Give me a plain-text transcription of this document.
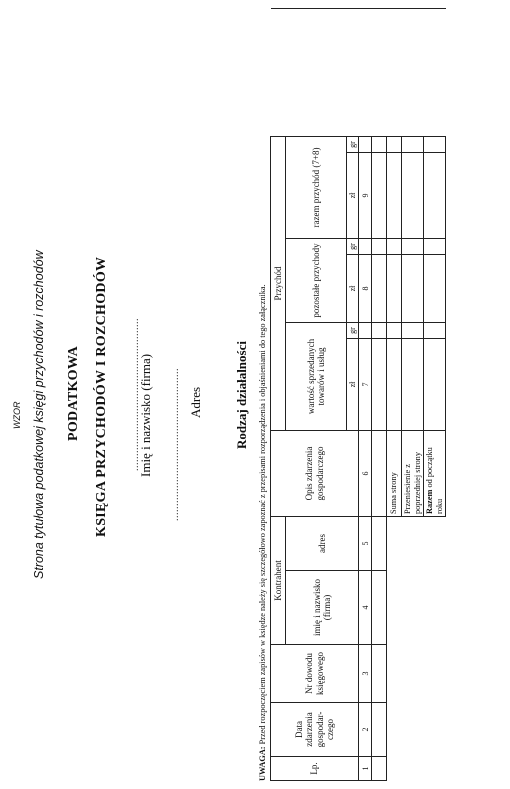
WZOR Strona tytułowa podatkowej księgi przychodów i rozchodów PODATKOWA KSIĘGA PRZYCHODÓW I ROZCHODÓW ...................................................
Imię i nazwisko (firma) ................................................... Adres Rodzaj działalności
UWAGA: Przed rozpoczęciem zapisów w księdze należy się szczegółowo zapoznać z przepisami rozporządzenia i objaśnieniami do tego załącznika.
Lp.	Data zdarzenia gospodar-czego	Nr dowodu księgowego	Kontrahent		Opis zdarzenia gospodarczego	Przychód						
			imię i nazwisko (firma)	adres		wartość sprzedanych towarów i usług		pozostałe przychody		razem przychód (7+8)		
						zł	gr	zł	gr	zł	gr	
1	2	3	4	5	6	7		8		9		

					Suma strony							
					Przeniesienie z poprzedniej strony							
					Razem od początku roku							
